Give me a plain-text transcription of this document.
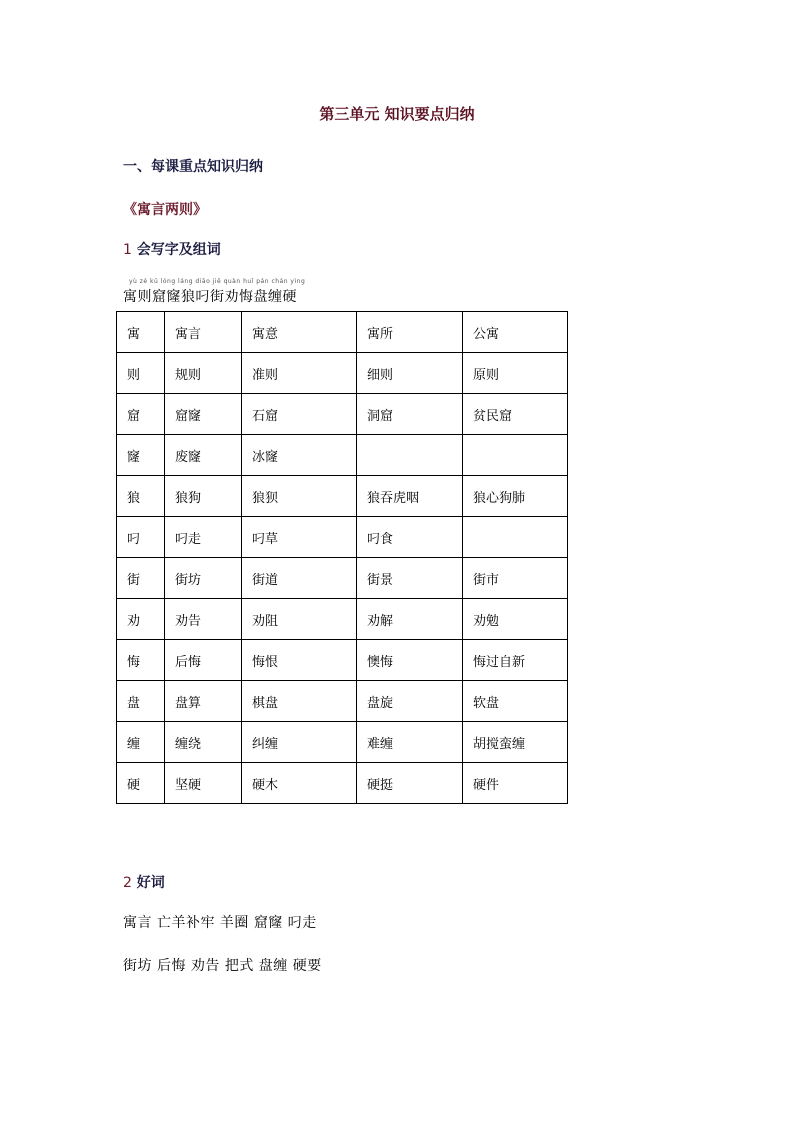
第三单元 知识要点归纳
一、每课重点知识归纳
《寓言两则》
1 会写字及组词
yù zé kū lóng láng diāo jiē quàn huǐ pán chán yìng
寓则窟窿狼叼街劝悔盘缠硬
寓	寓言	寓意	寓所	公寓
则	规则	准则	细则	原则
窟	窟窿	石窟	洞窟	贫民窟
窿	废窿	冰窿		
狼	狼狗	狼狈	狼吞虎咽	狼心狗肺
叼	叼走	叼草	叼食	
街	街坊	街道	街景	街市
劝	劝告	劝阻	劝解	劝勉
悔	后悔	悔恨	懊悔	悔过自新
盘	盘算	棋盘	盘旋	软盘
缠	缠绕	纠缠	难缠	胡搅蛮缠
硬	坚硬	硬木	硬挺	硬件
2 好词
寓言 亡羊补牢 羊圈 窟窿 叼走
街坊 后悔 劝告 把式 盘缠 硬要
